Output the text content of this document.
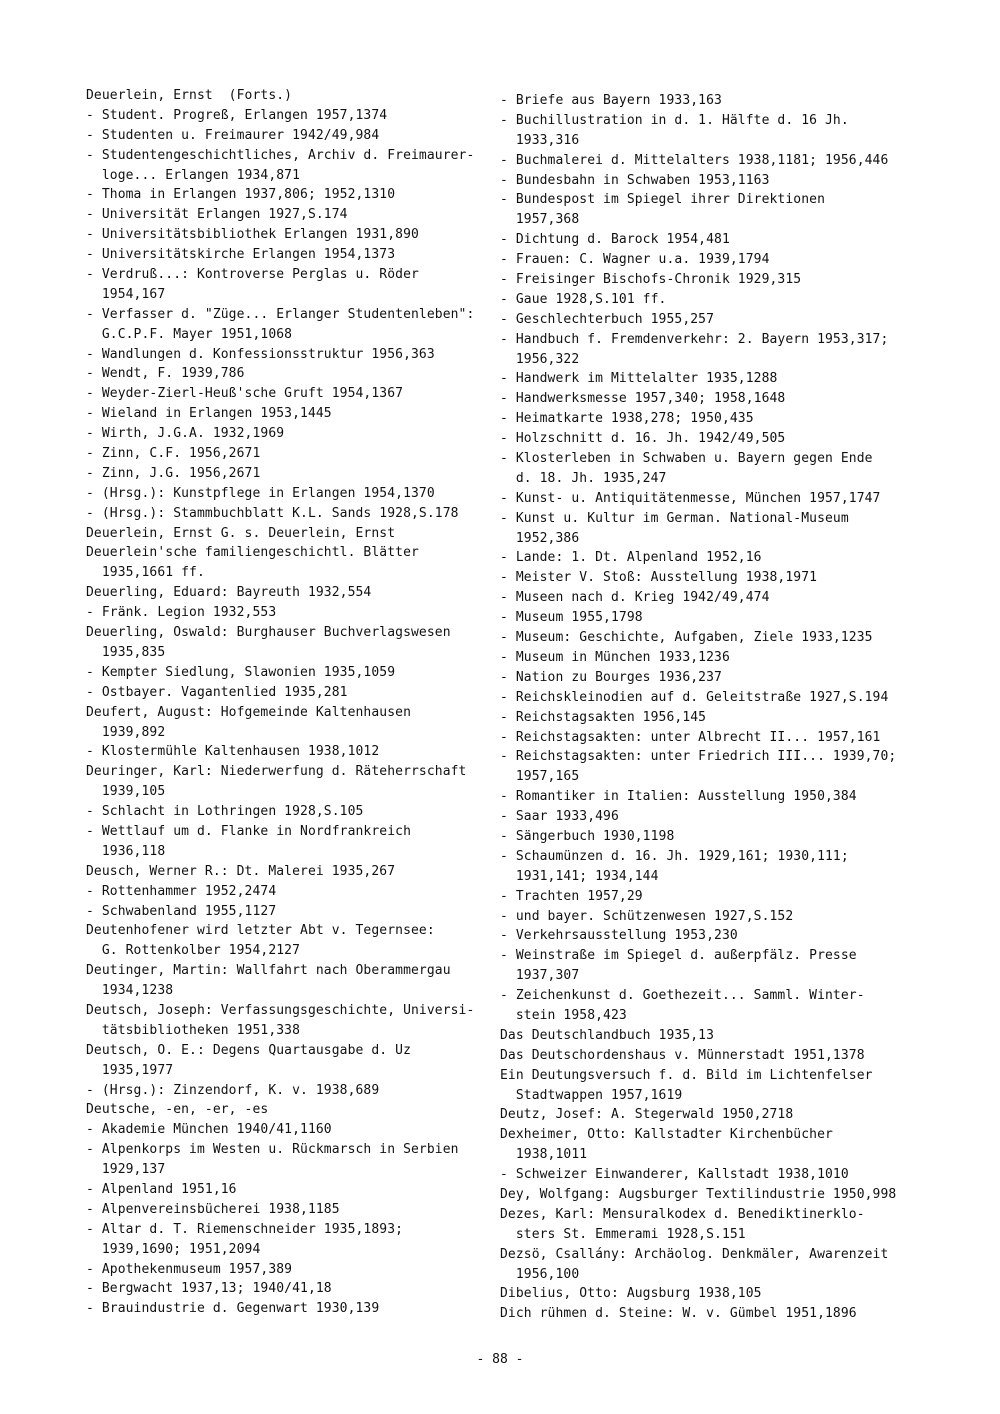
Deuerlein, Ernst  (Forts.)
- Student. Progreß, Erlangen 1957,1374
- Studenten u. Freimaurer 1942/49,984
- Studentengeschichtliches, Archiv d. Freimaurer-
loge... Erlangen 1934,871
- Thoma in Erlangen 1937,806; 1952,1310
- Universität Erlangen 1927,S.174
- Universitätsbibliothek Erlangen 1931,890
- Universitätskirche Erlangen 1954,1373
- Verdruß...: Kontroverse Perglas u. Röder
1954,167
- Verfasser d. "Züge... Erlanger Studentenleben":
G.C.P.F. Mayer 1951,1068
- Wandlungen d. Konfessionsstruktur 1956,363
- Wendt, F. 1939,786
- Weyder-Zierl-Heuß'sche Gruft 1954,1367
- Wieland in Erlangen 1953,1445
- Wirth, J.G.A. 1932,1969
- Zinn, C.F. 1956,2671
- Zinn, J.G. 1956,2671
- (Hrsg.): Kunstpflege in Erlangen 1954,1370
- (Hrsg.): Stammbuchblatt K.L. Sands 1928,S.178
Deuerlein, Ernst G. s. Deuerlein, Ernst
Deuerlein'sche familiengeschichtl. Blätter
1935,1661 ff.
Deuerling, Eduard: Bayreuth 1932,554
- Fränk. Legion 1932,553
Deuerling, Oswald: Burghauser Buchverlagswesen
1935,835
- Kempter Siedlung, Slawonien 1935,1059
- Ostbayer. Vagantenlied 1935,281
Deufert, August: Hofgemeinde Kaltenhausen
1939,892
- Klostermühle Kaltenhausen 1938,1012
Deuringer, Karl: Niederwerfung d. Räteherrschaft
1939,105
- Schlacht in Lothringen 1928,S.105
- Wettlauf um d. Flanke in Nordfrankreich
1936,118
Deusch, Werner R.: Dt. Malerei 1935,267
- Rottenhammer 1952,2474
- Schwabenland 1955,1127
Deutenhofener wird letzter Abt v. Tegernsee:
G. Rottenkolber 1954,2127
Deutinger, Martin: Wallfahrt nach Oberammergau
1934,1238
Deutsch, Joseph: Verfassungsgeschichte, Universi-
tätsbibliotheken 1951,338
Deutsch, O. E.: Degens Quartausgabe d. Uz
1935,1977
- (Hrsg.): Zinzendorf, K. v. 1938,689
Deutsche, -en, -er, -es
- Akademie München 1940/41,1160
- Alpenkorps im Westen u. Rückmarsch in Serbien
1929,137
- Alpenland 1951,16
- Alpenvereinsbücherei 1938,1185
- Altar d. T. Riemenschneider 1935,1893;
1939,1690; 1951,2094
- Apothekenmuseum 1957,389
- Bergwacht 1937,13; 1940/41,18
- Brauindustrie d. Gegenwart 1930,139
- Briefe aus Bayern 1933,163
- Buchillustration in d. 1. Hälfte d. 16 Jh.
1933,316
- Buchmalerei d. Mittelalters 1938,1181; 1956,446
- Bundesbahn in Schwaben 1953,1163
- Bundespost im Spiegel ihrer Direktionen
1957,368
- Dichtung d. Barock 1954,481
- Frauen: C. Wagner u.a. 1939,1794
- Freisinger Bischofs-Chronik 1929,315
- Gaue 1928,S.101 ff.
- Geschlechterbuch 1955,257
- Handbuch f. Fremdenverkehr: 2. Bayern 1953,317;
1956,322
- Handwerk im Mittelalter 1935,1288
- Handwerksmesse 1957,340; 1958,1648
- Heimatkarte 1938,278; 1950,435
- Holzschnitt d. 16. Jh. 1942/49,505
- Klosterleben in Schwaben u. Bayern gegen Ende
d. 18. Jh. 1935,247
- Kunst- u. Antiquitätenmesse, München 1957,1747
- Kunst u. Kultur im German. National-Museum
1952,386
- Lande: 1. Dt. Alpenland 1952,16
- Meister V. Stoß: Ausstellung 1938,1971
- Museen nach d. Krieg 1942/49,474
- Museum 1955,1798
- Museum: Geschichte, Aufgaben, Ziele 1933,1235
- Museum in München 1933,1236
- Nation zu Bourges 1936,237
- Reichskleinodien auf d. Geleitstraße 1927,S.194
- Reichstagsakten 1956,145
- Reichstagsakten: unter Albrecht II... 1957,161
- Reichstagsakten: unter Friedrich III... 1939,70;
1957,165
- Romantiker in Italien: Ausstellung 1950,384
- Saar 1933,496
- Sängerbuch 1930,1198
- Schaumünzen d. 16. Jh. 1929,161; 1930,111;
1931,141; 1934,144
- Trachten 1957,29
- und bayer. Schützenwesen 1927,S.152
- Verkehrsausstellung 1953,230
- Weinstraße im Spiegel d. außerpfälz. Presse
1937,307
- Zeichenkunst d. Goethezeit... Samml. Winter-
stein 1958,423
Das Deutschlandbuch 1935,13
Das Deutschordenshaus v. Münnerstadt 1951,1378
Ein Deutungsversuch f. d. Bild im Lichtenfelser
Stadtwappen 1957,1619
Deutz, Josef: A. Stegerwald 1950,2718
Dexheimer, Otto: Kallstadter Kirchenbücher
1938,1011
- Schweizer Einwanderer, Kallstadt 1938,1010
Dey, Wolfgang: Augsburger Textilindustrie 1950,998
Dezes, Karl: Mensuralkodex d. Benediktinerklo-
sters St. Emmerami 1928,S.151
Dezsö, Csallány: Archäolog. Denkmäler, Awarenzeit
1956,100
Dibelius, Otto: Augsburg 1938,105
Dich rühmen d. Steine: W. v. Gümbel 1951,1896
- 88 -
